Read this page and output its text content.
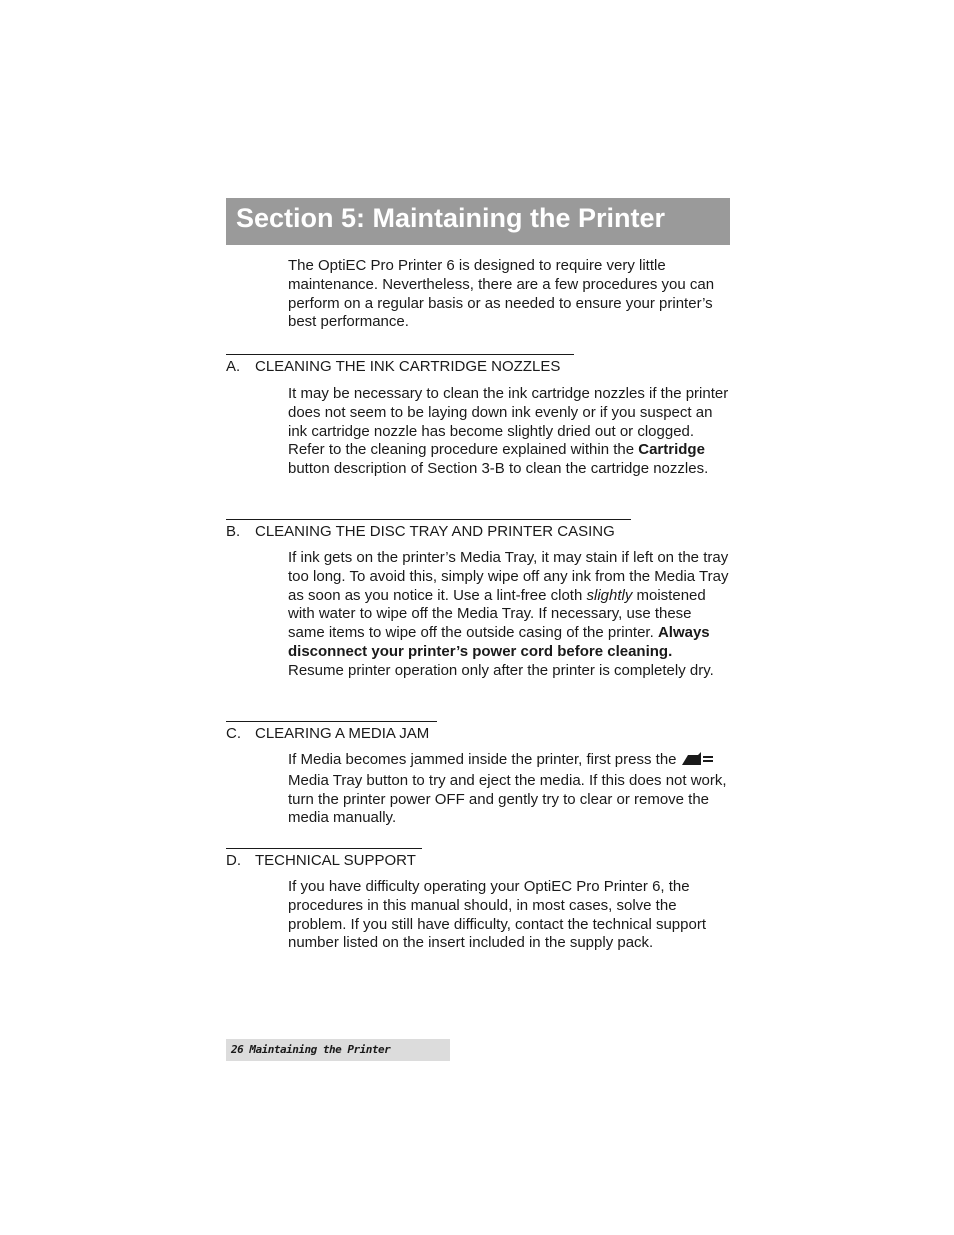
Section 5: Maintaining the Printer

The OptiEC Pro Printer 6 is designed to require very little maintenance. Nevertheless, there are a few procedures you can perform on a regular basis or as needed to ensure your printer’s best performance.

A. CLEANING THE INK CARTRIDGE NOZZLES

It may be necessary to clean the ink cartridge nozzles if the printer does not seem to be laying down ink evenly or if you suspect an ink cartridge nozzle has become slightly dried out or clogged. Refer to the cleaning procedure explained within the Cartridge button description of Section 3-B to clean the cartridge nozzles.

B. CLEANING THE DISC TRAY AND PRINTER CASING

If ink gets on the printer’s Media Tray, it may stain if left on the tray too long. To avoid this, simply wipe off any ink from the Media Tray as soon as you notice it. Use a lint-free cloth slightly moistened with water to wipe off the Media Tray. If necessary, use these same items to wipe off the outside casing of the printer. Always disconnect your printer’s power cord before cleaning. Resume printer operation only after the printer is completely dry.

C. CLEARING A MEDIA JAM

If Media becomes jammed inside the printer, first press the  Media Tray button to try and eject the media. If this does not work, turn the printer power OFF and gently try to clear or remove the media manually.

D. TECHNICAL SUPPORT

If you have difficulty operating your OptiEC Pro Printer 6, the procedures in this manual should, in most cases, solve the problem. If you still have difficulty, contact the technical support number listed on the insert included in the supply pack.

26 Maintaining the Printer
